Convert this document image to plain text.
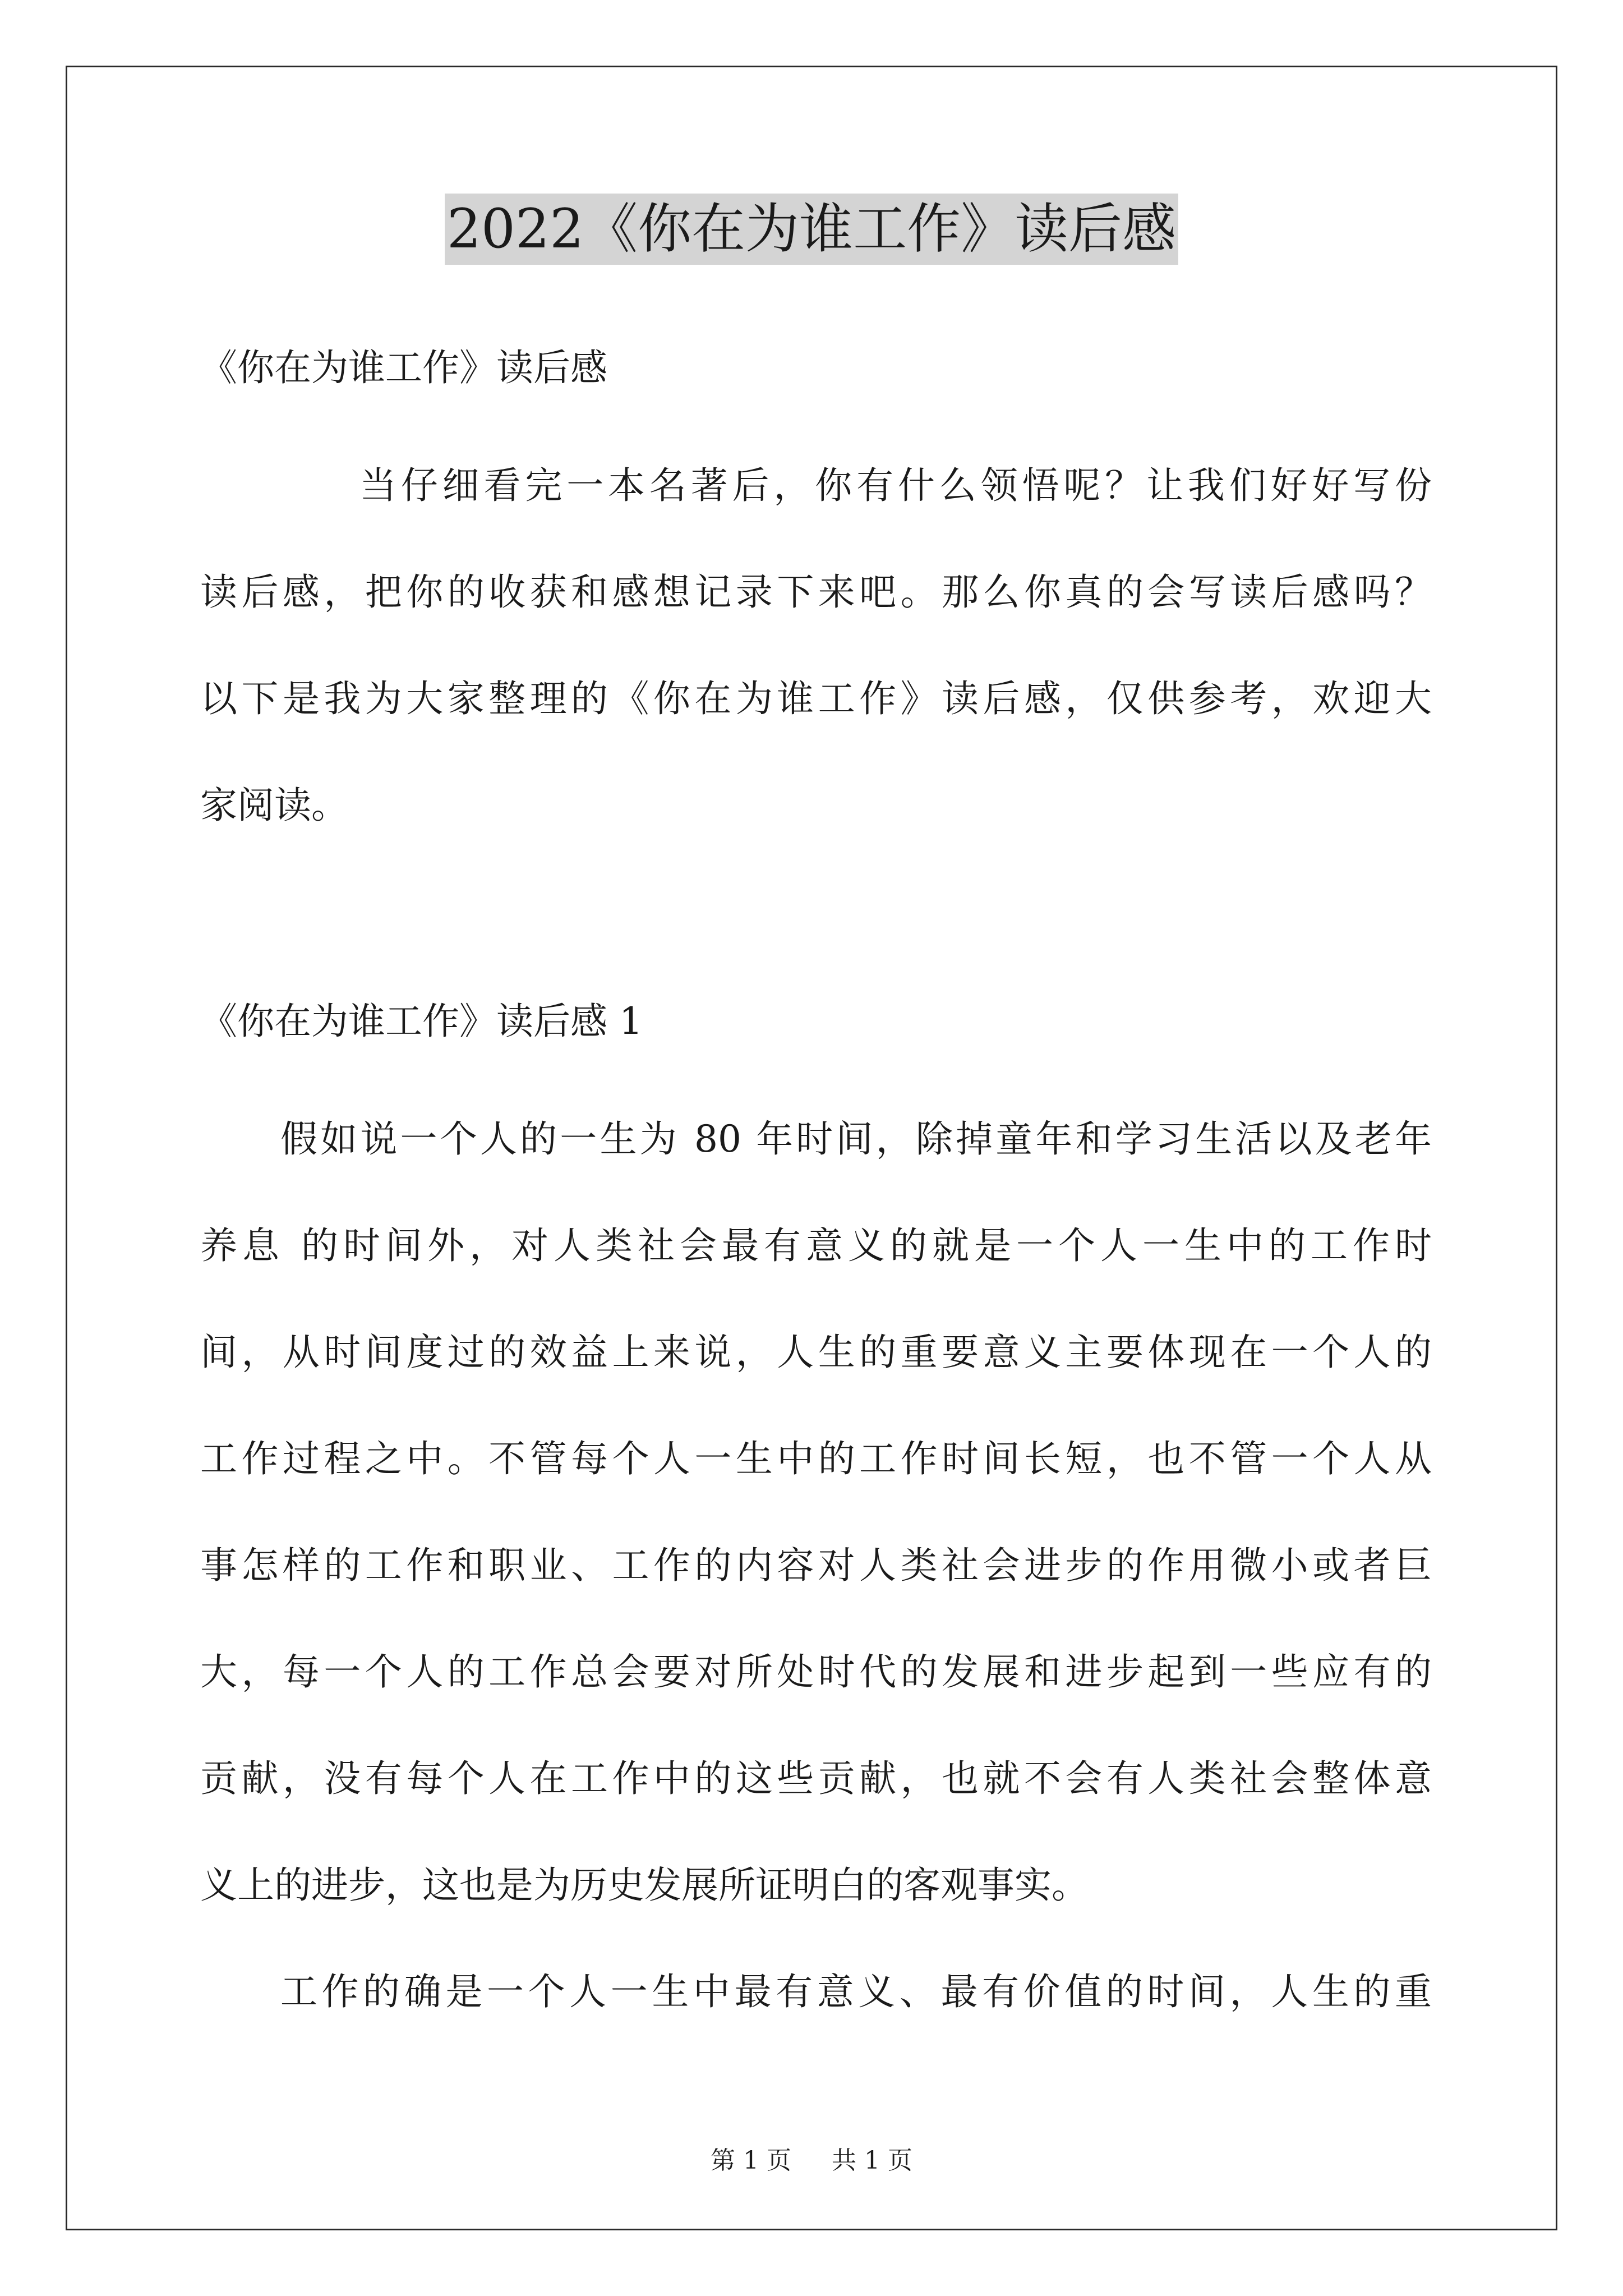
2022《你在为谁工作》读后感
《你在为谁工作》读后感
当仔细看完一本名著后，你有什么领悟呢？让我们好好写份
读后感，把你的收获和感想记录下来吧。那么你真的会写读后感吗？
以下是我为大家整理的《你在为谁工作》读后感，仅供参考，欢迎大
家阅读。
《你在为谁工作》读后感 1
假如说一个人的一生为 80 年时间，除掉童年和学习生活以及老年
养息 的时间外，对人类社会最有意义的就是一个人一生中的工作时
间，从时间度过的效益上来说，人生的重要意义主要体现在一个人的
工作过程之中。不管每个人一生中的工作时间长短，也不管一个人从
事怎样的工作和职业、工作的内容对人类社会进步的作用微小或者巨
大，每一个人的工作总会要对所处时代的发展和进步起到一些应有的
贡献，没有每个人在工作中的这些贡献，也就不会有人类社会整体意
义上的进步，这也是为历史发展所证明白的客观事实。
工作的确是一个人一生中最有意义、最有价值的时间，人生的重
第 1 页 共 1 页
